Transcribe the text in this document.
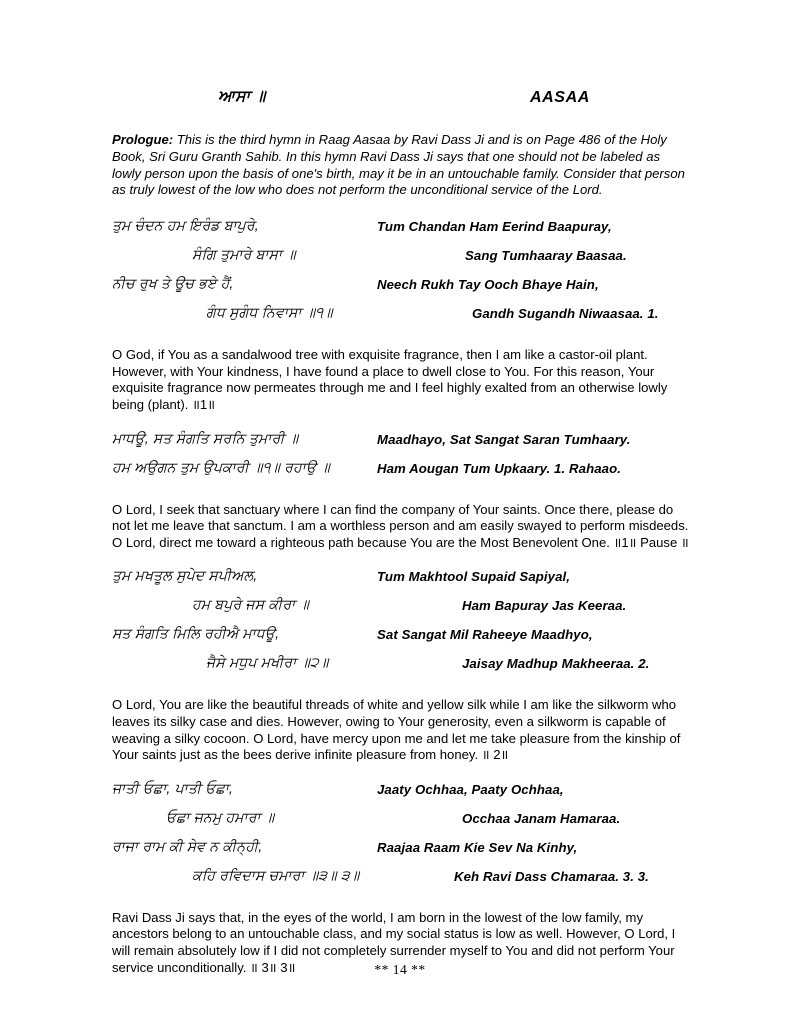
ਆਸਾ ॥	AASAA

Prologue: This is the third hymn in Raag Aasaa by Ravi Dass Ji and is on Page 486 of the Holy Book, Sri Guru Granth Sahib. In this hymn Ravi Dass Ji says that one should not be labeled as lowly person upon the basis of one's birth, may it be in an untouchable family. Consider that person as truly lowest of the low who does not perform the unconditional service of the Lord.

ਤੁਮ ਚੰਦਨ ਹਮ ਇਰੰਡ ਬਾਪੁਰੇ,	Tum Chandan Ham Eerind Baapuray,
ਸੰਗਿ ਤੁਮਾਰੇ ਬਾਸਾ ॥	Sang Tumhaaray Baasaa.
ਨੀਚ ਰੁਖ ਤੇ ਊਚ ਭਏ ਹੈਂ,	Neech Rukh Tay Ooch Bhaye Hain,
ਗੰਧ ਸੁਗੰਧ ਨਿਵਾਸਾ ॥੧॥	Gandh Sugandh Niwaasaa. 1.

O God, if You as a sandalwood tree with exquisite fragrance, then I am like a castor-oil plant. However, with Your kindness, I have found a place to dwell close to You. For this reason, Your exquisite fragrance now permeates through me and I feel highly exalted from an otherwise lowly being (plant). ॥1॥

ਮਾਧਊ, ਸਤ ਸੰਗਤਿ ਸਰਨਿ ਤੁਮਾਰੀ ॥	Maadhayo, Sat Sangat Saran Tumhaary.
ਹਮ ਅਉਗਨ ਤੁਮ ਉਪਕਾਰੀ ॥੧॥ ਰਹਾਉ ॥	Ham Aougan Tum Upkaary. 1. Rahaao.

O Lord, I seek that sanctuary where I can find the company of Your saints. Once there, please do not let me leave that sanctum. I am a worthless person and am easily swayed to perform misdeeds. O Lord, direct me toward a righteous path because You are the Most Benevolent One. ॥1॥ Pause ॥

ਤੁਮ ਮਖਤੂਲ ਸੁਪੇਦ ਸਪੀਅਲ,	Tum Makhtool Supaid Sapiyal,
ਹਮ ਬਪੁਰੇ ਜਸ ਕੀਰਾ ॥	Ham Bapuray Jas Keeraa.
ਸਤ ਸੰਗਤਿ ਮਿਲਿ ਰਹੀਐ ਮਾਧਊ,	Sat Sangat Mil Raheeye Maadhyo,
ਜੈਸੇ ਮਧੁਪ ਮਖੀਰਾ ॥੨॥	Jaisay Madhup Makheeraa. 2.

O Lord, You are like the beautiful threads of white and yellow silk while I am like the silkworm who leaves its silky case and dies. However, owing to Your generosity, even a silkworm is capable of weaving a silky cocoon. O Lord, have mercy upon me and let me take pleasure from the kinship of Your saints just as the bees derive infinite pleasure from honey. ॥ 2॥

ਜਾਤੀ ਓਛਾ, ਪਾਤੀ ਓਛਾ,	Jaaty Ochhaa, Paaty Ochhaa,
ਓਛਾ ਜਨਮੁ ਹਮਾਰਾ ॥	Occhaa Janam Hamaraa.
ਰਾਜਾ ਰਾਮ ਕੀ ਸੇਵ ਨ ਕੀਨ੍ਹੀ,	Raajaa Raam Kie Sev Na Kinhy,
ਕਹਿ ਰਵਿਦਾਸ ਚਮਾਰਾ ॥੩॥ ੩॥	Keh Ravi Dass Chamaraa. 3. 3.

Ravi Dass Ji says that, in the eyes of the world, I am born in the lowest of the low family, my ancestors belong to an untouchable class, and my social status is low as well. However, O Lord, I will remain absolutely low if I did not completely surrender myself to You and did not perform Your service unconditionally. ॥ 3॥ 3॥	** 14 **
